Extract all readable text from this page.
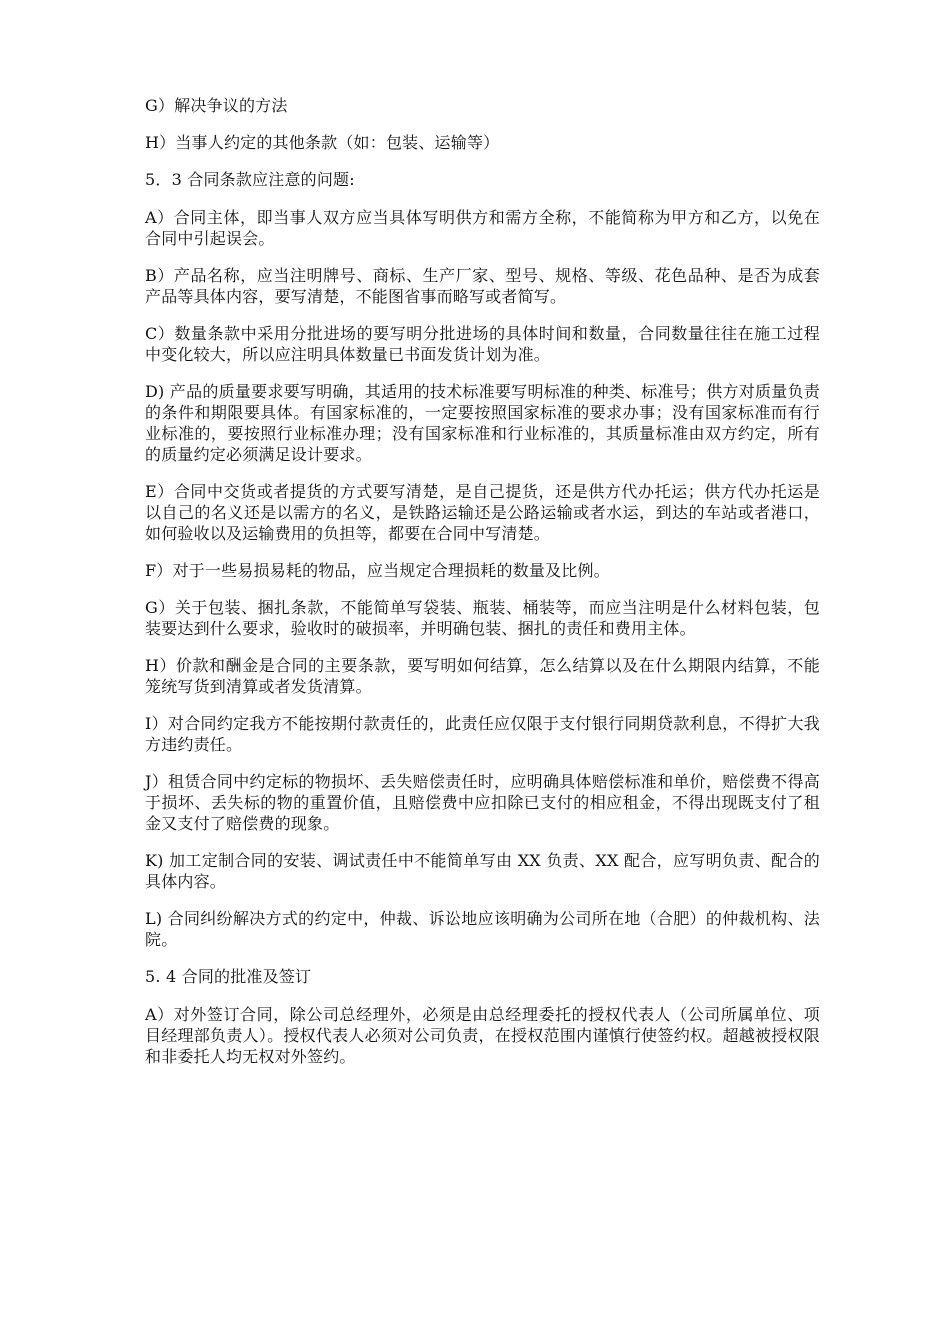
G）解决争议的方法

H）当事人约定的其他条款（如：包装、运输等）

5．3 合同条款应注意的问题:

A）合同主体，即当事人双方应当具体写明供方和需方全称，不能简称为甲方和乙方，以免在合同中引起误会。

B）产品名称，应当注明牌号、商标、生产厂家、型号、规格、等级、花色品种、是否为成套产品等具体内容，要写清楚，不能图省事而略写或者简写。

C）数量条款中采用分批进场的要写明分批进场的具体时间和数量，合同数量往往在施工过程中变化较大，所以应注明具体数量已书面发货计划为准。

D) 产品的质量要求要写明确，其适用的技术标准要写明标准的种类、标准号；供方对质量负责的条件和期限要具体。有国家标准的，一定要按照国家标准的要求办事；没有国家标准而有行业标准的，要按照行业标准办理；没有国家标准和行业标准的，其质量标准由双方约定，所有的质量约定必须满足设计要求。

E）合同中交货或者提货的方式要写清楚，是自己提货，还是供方代办托运；供方代办托运是以自己的名义还是以需方的名义，是铁路运输还是公路运输或者水运，到达的车站或者港口，如何验收以及运输费用的负担等，都要在合同中写清楚。

F）对于一些易损易耗的物品，应当规定合理损耗的数量及比例。

G）关于包装、捆扎条款，不能简单写袋装、瓶装、桶装等，而应当注明是什么材料包装，包装要达到什么要求，验收时的破损率，并明确包装、捆扎的责任和费用主体。

H）价款和酬金是合同的主要条款，要写明如何结算，怎么结算以及在什么期限内结算，不能笼统写货到清算或者发货清算。

I）对合同约定我方不能按期付款责任的，此责任应仅限于支付银行同期贷款利息，不得扩大我方违约责任。

J）租赁合同中约定标的物损坏、丢失赔偿责任时，应明确具体赔偿标准和单价，赔偿费不得高于损坏、丢失标的物的重置价值，且赔偿费中应扣除已支付的相应租金，不得出现既支付了租金又支付了赔偿费的现象。

K) 加工定制合同的安装、调试责任中不能简单写由 XX 负责、XX 配合，应写明负责、配合的具体内容。

L) 合同纠纷解决方式的约定中，仲裁、诉讼地应该明确为公司所在地（合肥）的仲裁机构、法院。

5. 4 合同的批准及签订

A）对外签订合同，除公司总经理外，必须是由总经理委托的授权代表人（公司所属单位、项目经理部负责人）。授权代表人必须对公司负责，在授权范围内谨慎行使签约权。超越被授权限和非委托人均无权对外签约。
